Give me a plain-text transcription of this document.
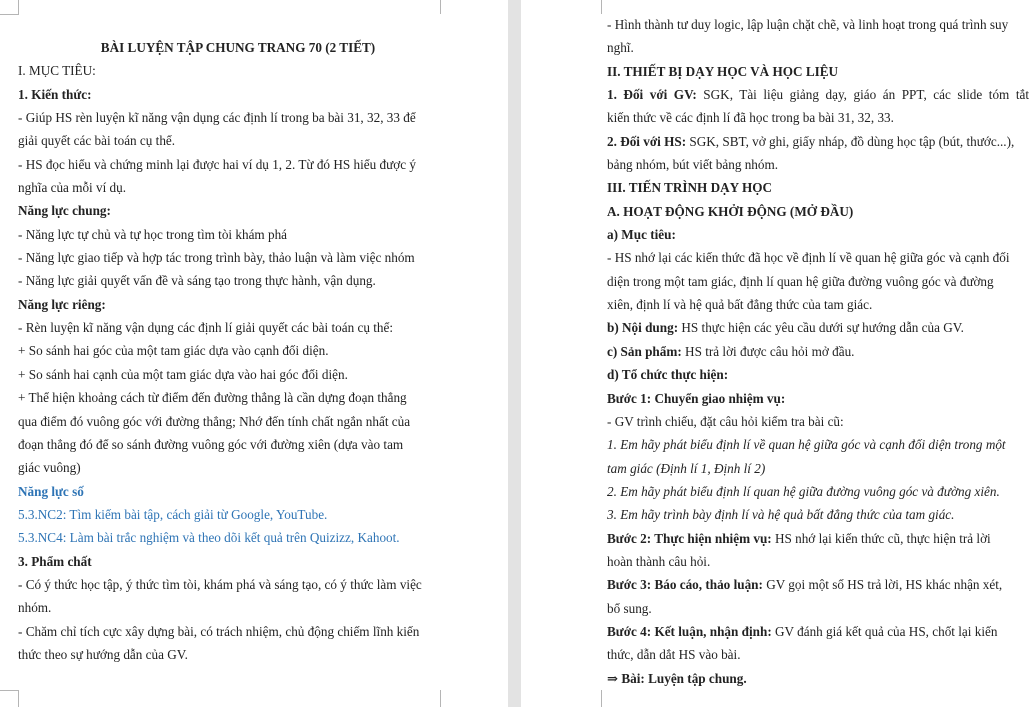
BÀI LUYỆN TẬP CHUNG TRANG 70 (2 TIẾT)
I. MỤC TIÊU:
1. Kiến thức:
- Giúp HS rèn luyện kĩ năng vận dụng các định lí trong ba bài 31, 32, 33 để
giải quyết các bài toán cụ thể.
- HS đọc hiểu và chứng minh lại được hai ví dụ 1, 2. Từ đó HS hiểu được ý
nghĩa của mỗi ví dụ.
Năng lực chung:
- Năng lực tự chủ và tự học trong tìm tòi khám phá
- Năng lực giao tiếp và hợp tác trong trình bày, thảo luận và làm việc nhóm
- Năng lực giải quyết vấn đề và sáng tạo trong thực hành, vận dụng.
Năng lực riêng:
- Rèn luyện kĩ năng vận dụng các định lí giải quyết các bài toán cụ thể:
+ So sánh hai góc của một tam giác dựa vào cạnh đối diện.
+ So sánh hai cạnh của một tam giác dựa vào hai góc đối diện.
+ Thể hiện khoảng cách từ điểm đến đường thẳng là cần dựng đoạn thẳng
qua điểm đó vuông góc với đường thẳng; Nhớ đến tính chất ngắn nhất của
đoạn thẳng đó để so sánh đường vuông góc với đường xiên (dựa vào tam
giác vuông)
Năng lực số
5.3.NC2: Tìm kiếm bài tập, cách giải từ Google, YouTube.
5.3.NC4: Làm bài trắc nghiệm và theo dõi kết quả trên Quizizz, Kahoot.
3. Phẩm chất
- Có ý thức học tập, ý thức tìm tòi, khám phá và sáng tạo, có ý thức làm việc
nhóm.
- Chăm chỉ tích cực xây dựng bài, có trách nhiệm, chủ động chiếm lĩnh kiến
thức theo sự hướng dẫn của GV.
- Hình thành tư duy logic, lập luận chặt chẽ, và linh hoạt trong quá trình suy
nghĩ.
II. THIẾT BỊ DẠY HỌC VÀ HỌC LIỆU
1. Đối với GV: SGK, Tài liệu giảng dạy, giáo án PPT, các slide tóm tắt
kiến thức về các định lí đã học trong ba bài 31, 32, 33.
2. Đối với HS: SGK, SBT, vở ghi, giấy nháp, đồ dùng học tập (bút, thước...),
bảng nhóm, bút viết bảng nhóm.
III. TIẾN TRÌNH DẠY HỌC
A. HOẠT ĐỘNG KHỞI ĐỘNG (MỞ ĐẦU)
a) Mục tiêu:
- HS nhớ lại các kiến thức đã học về định lí về quan hệ giữa góc và cạnh đối
diện trong một tam giác, định lí quan hệ giữa đường vuông góc và đường
xiên, định lí và hệ quả bất đẳng thức của tam giác.
b) Nội dung: HS thực hiện các yêu cầu dưới sự hướng dẫn của GV.
c) Sản phẩm: HS trả lời được câu hỏi mở đầu.
d) Tổ chức thực hiện:
Bước 1: Chuyển giao nhiệm vụ:
- GV trình chiếu, đặt câu hỏi kiểm tra bài cũ:
1. Em hãy phát biểu định lí về quan hệ giữa góc và cạnh đối diện trong một
tam giác (Định lí 1, Định lí 2)
2. Em hãy phát biểu định lí quan hệ giữa đường vuông góc và đường xiên.
3. Em hãy trình bày định lí và hệ quả bất đẳng thức của tam giác.
Bước 2: Thực hiện nhiệm vụ: HS nhớ lại kiến thức cũ, thực hiện trả lời
hoàn thành câu hỏi.
Bước 3: Báo cáo, thảo luận: GV gọi một số HS trả lời, HS khác nhận xét,
bổ sung.
Bước 4: Kết luận, nhận định: GV đánh giá kết quả của HS, chốt lại kiến
thức, dẫn dắt HS vào bài.
⇒ Bài: Luyện tập chung.
